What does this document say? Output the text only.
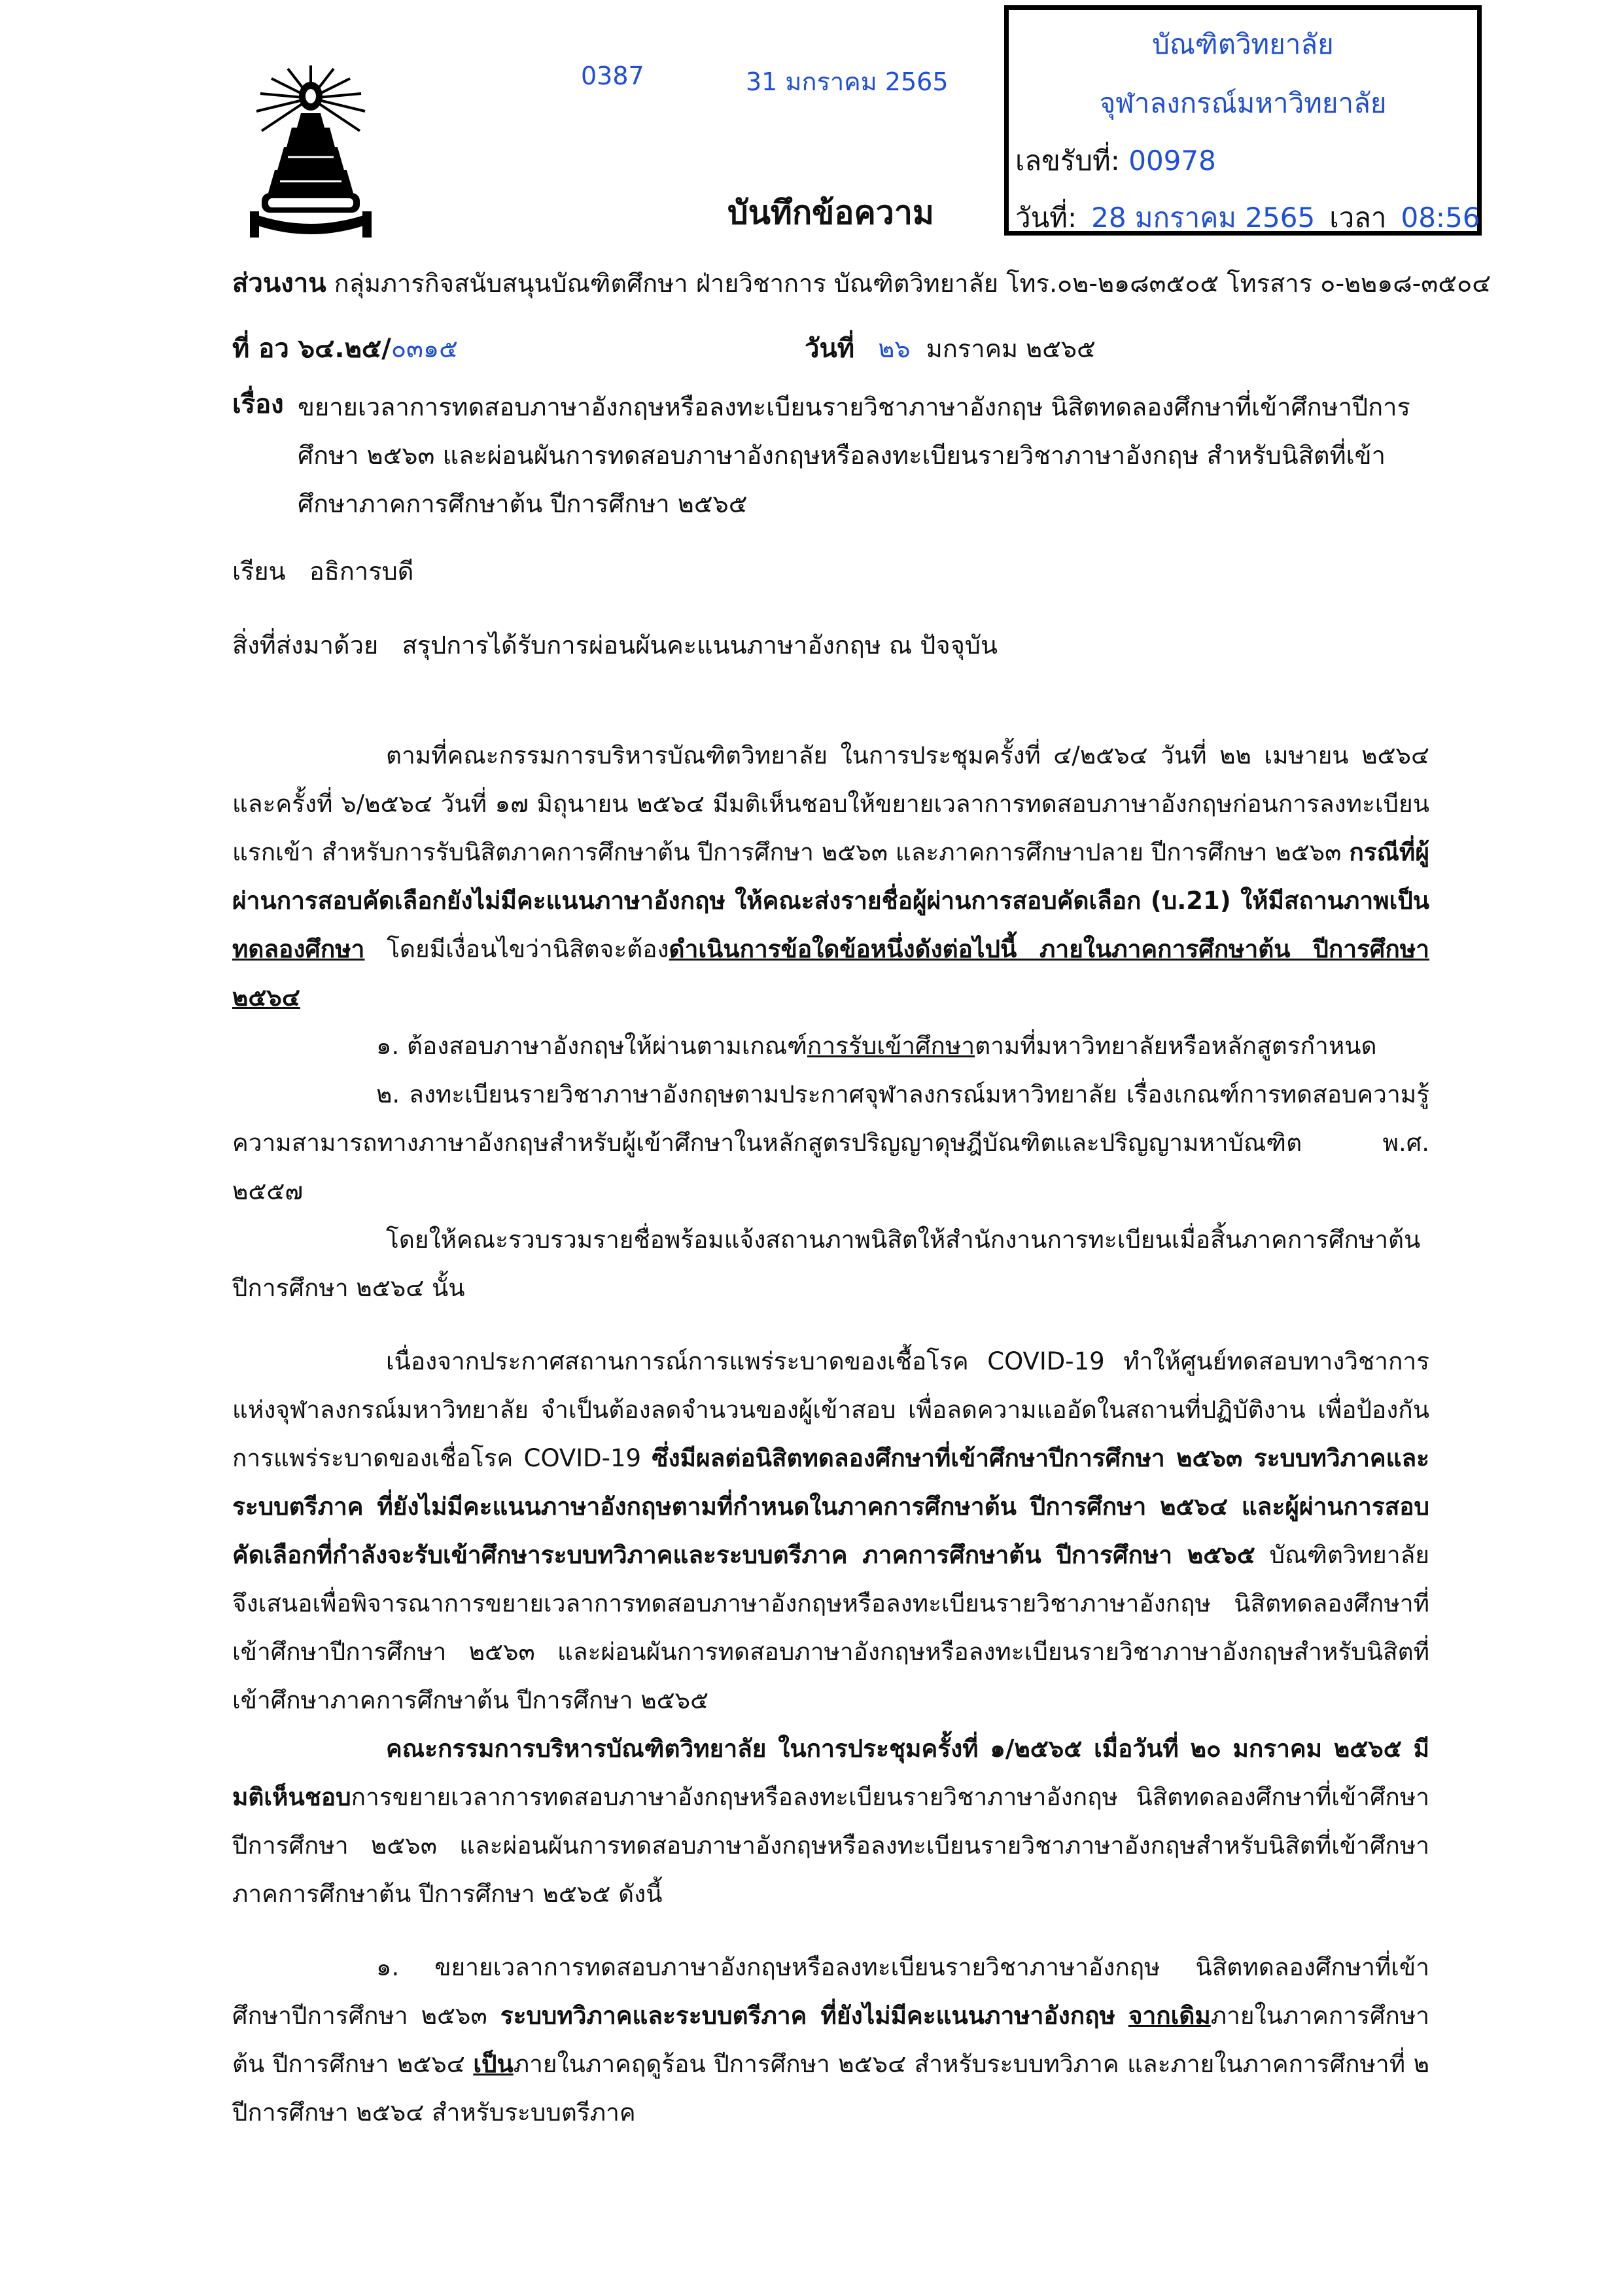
0387	31 มกราคม 2565
บัณฑิตวิทยาลัย
จุฬาลงกรณ์มหาวิทยาลัย
เลขรับที่: 00978
วันที่: 28 มกราคม 2565 เวลา 08:56
บันทึกข้อความ
ส่วนงาน กลุ่มภารกิจสนับสนุนบัณฑิตศึกษา ฝ่ายวิชาการ บัณฑิตวิทยาลัย โทร.๐๒-๒๑๘๓๕๐๕ โทรสาร ๐-๒๒๑๘-๓๕๐๔
ที่ อว ๖๔.๒๕/๐๓๑๕	วันที่ ๒๖ มกราคม ๒๕๖๕
เรื่อง ขยายเวลาการทดสอบภาษาอังกฤษหรือลงทะเบียนรายวิชาภาษาอังกฤษ นิสิตทดลองศึกษาที่เข้าศึกษาปีการศึกษา ๒๕๖๓ และผ่อนผันการทดสอบภาษาอังกฤษหรือลงทะเบียนรายวิชาภาษาอังกฤษ สำหรับนิสิตที่เข้าศึกษาภาคการศึกษาต้น ปีการศึกษา ๒๕๖๕
เรียน อธิการบดี
สิ่งที่ส่งมาด้วย สรุปการได้รับการผ่อนผันคะแนนภาษาอังกฤษ ณ ปัจจุบัน
ตามที่คณะกรรมการบริหารบัณฑิตวิทยาลัย ในการประชุมครั้งที่ ๔/๒๕๖๔ วันที่ ๒๒ เมษายน ๒๕๖๔ และครั้งที่ ๖/๒๕๖๔ วันที่ ๑๗ มิถุนายน ๒๕๖๔ มีมติเห็นชอบให้ขยายเวลาการทดสอบภาษาอังกฤษก่อนการลงทะเบียนแรกเข้า สำหรับการรับนิสิตภาคการศึกษาต้น ปีการศึกษา ๒๕๖๓ และภาคการศึกษาปลาย ปีการศึกษา ๒๕๖๓ กรณีที่ผู้ผ่านการสอบคัดเลือกยังไม่มีคะแนนภาษาอังกฤษ ให้คณะส่งรายชื่อผู้ผ่านการสอบคัดเลือก (บ.21) ให้มีสถานภาพเป็นทดลองศึกษา โดยมีเงื่อนไขว่านิสิตจะต้องดำเนินการข้อใดข้อหนึ่งดังต่อไปนี้ ภายในภาคการศึกษาต้น ปีการศึกษา ๒๕๖๔
๑. ต้องสอบภาษาอังกฤษให้ผ่านตามเกณฑ์การรับเข้าศึกษาตามที่มหาวิทยาลัยหรือหลักสูตรกำหนด
๒. ลงทะเบียนรายวิชาภาษาอังกฤษตามประกาศจุฬาลงกรณ์มหาวิทยาลัย เรื่องเกณฑ์การทดสอบความรู้ความสามารถทางภาษาอังกฤษสำหรับผู้เข้าศึกษาในหลักสูตรปริญญาดุษฎีบัณฑิตและปริญญามหาบัณฑิต พ.ศ. ๒๕๕๗
โดยให้คณะรวบรวมรายชื่อพร้อมแจ้งสถานภาพนิสิตให้สำนักงานการทะเบียนเมื่อสิ้นภาคการศึกษาต้น ปีการศึกษา ๒๕๖๔ นั้น
เนื่องจากประกาศสถานการณ์การแพร่ระบาดของเชื้อโรค COVID-19 ทำให้ศูนย์ทดสอบทางวิชาการแห่งจุฬาลงกรณ์มหาวิทยาลัย จำเป็นต้องลดจำนวนของผู้เข้าสอบ เพื่อลดความแออัดในสถานที่ปฏิบัติงาน เพื่อป้องกันการแพร่ระบาดของเชื่อโรค COVID-19 ซึ่งมีผลต่อนิสิตทดลองศึกษาที่เข้าศึกษาปีการศึกษา ๒๕๖๓ ระบบทวิภาคและระบบตรีภาค ที่ยังไม่มีคะแนนภาษาอังกฤษตามที่กำหนดในภาคการศึกษาต้น ปีการศึกษา ๒๕๖๔ และผู้ผ่านการสอบคัดเลือกที่กำลังจะรับเข้าศึกษาระบบทวิภาคและระบบตรีภาค ภาคการศึกษาต้น ปีการศึกษา ๒๕๖๕ บัณฑิตวิทยาลัย จึงเสนอเพื่อพิจารณาการขยายเวลาการทดสอบภาษาอังกฤษหรือลงทะเบียนรายวิชาภาษาอังกฤษ นิสิตทดลองศึกษาที่เข้าศึกษาปีการศึกษา ๒๕๖๓ และผ่อนผันการทดสอบภาษาอังกฤษหรือลงทะเบียนรายวิชาภาษาอังกฤษสำหรับนิสิตที่เข้าศึกษาภาคการศึกษาต้น ปีการศึกษา ๒๕๖๕
คณะกรรมการบริหารบัณฑิตวิทยาลัย ในการประชุมครั้งที่ ๑/๒๕๖๕ เมื่อวันที่ ๒๐ มกราคม ๒๕๖๕ มีมติเห็นชอบการขยายเวลาการทดสอบภาษาอังกฤษหรือลงทะเบียนรายวิชาภาษาอังกฤษ นิสิตทดลองศึกษาที่เข้าศึกษาปีการศึกษา ๒๕๖๓ และผ่อนผันการทดสอบภาษาอังกฤษหรือลงทะเบียนรายวิชาภาษาอังกฤษสำหรับนิสิตที่เข้าศึกษาภาคการศึกษาต้น ปีการศึกษา ๒๕๖๕ ดังนี้
๑. ขยายเวลาการทดสอบภาษาอังกฤษหรือลงทะเบียนรายวิชาภาษาอังกฤษ นิสิตทดลองศึกษาที่เข้าศึกษาปีการศึกษา ๒๕๖๓ ระบบทวิภาคและระบบตรีภาค ที่ยังไม่มีคะแนนภาษาอังกฤษ จากเดิมภายในภาคการศึกษาต้น ปีการศึกษา ๒๕๖๔ เป็นภายในภาคฤดูร้อน ปีการศึกษา ๒๕๖๔ สำหรับระบบทวิภาค และภายในภาคการศึกษาที่ ๒ ปีการศึกษา ๒๕๖๔ สำหรับระบบตรีภาค
